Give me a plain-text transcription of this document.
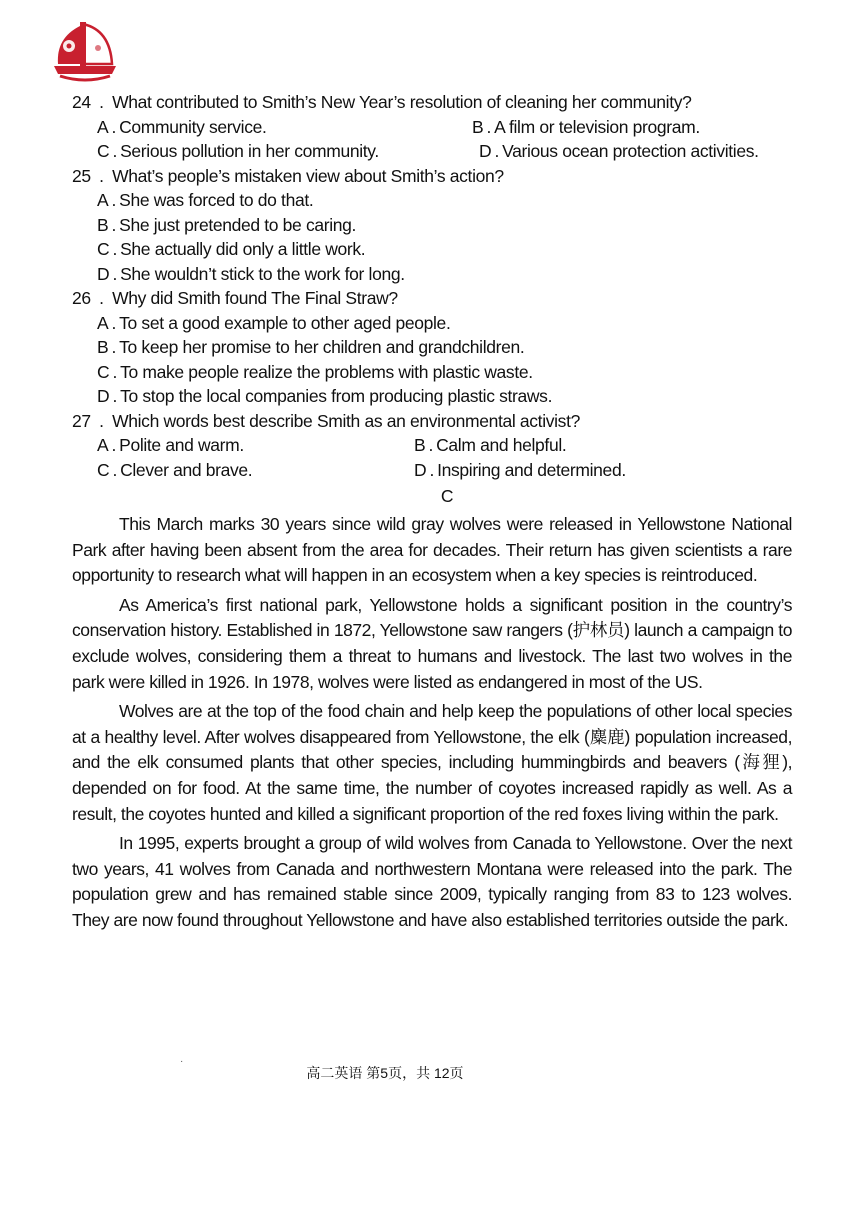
24 . What contributed to Smith’s New Year’s resolution of cleaning her community?
A . Community service.	B . A film or television program.
C . Serious pollution in her community.	D . Various ocean protection activities.
25 . What’s people’s mistaken view about Smith’s action?
A . She was forced to do that.
B . She just pretended to be caring.
C . She actually did only a little work.
D . She wouldn’t stick to the work for long.
26 . Why did Smith found The Final Straw?
A . To set a good example to other aged people.
B . To keep her promise to her children and grandchildren.
C . To make people realize the problems with plastic waste.
D . To stop the local companies from producing plastic straws.
27 . Which words best describe Smith as an environmental activist?
A . Polite and warm.	B . Calm and helpful.
C . Clever and brave.	D . Inspiring and determined.
C

This March marks 30 years since wild gray wolves were released in Yellowstone National Park after having been absent from the area for decades. Their return has given scientists a rare opportunity to research what will happen in an ecosystem when a key species is reintroduced.

As America’s first national park, Yellowstone holds a significant position in the country’s conservation history. Established in 1872, Yellowstone saw rangers (护林员) launch a campaign to exclude wolves, considering them a threat to humans and livestock. The last two wolves in the park were killed in 1926. In 1978, wolves were listed as endangered in most of the US.

Wolves are at the top of the food chain and help keep the populations of other local species at a healthy level. After wolves disappeared from Yellowstone, the elk (麋鹿) population increased, and the elk consumed plants that other species, including hummingbirds and beavers (海狸), depended on for food. At the same time, the number of coyotes increased rapidly as well. As a result, the coyotes hunted and killed a significant proportion of the red foxes living within the park.

In 1995, experts brought a group of wild wolves from Canada to Yellowstone. Over the next two years, 41 wolves from Canada and northwestern Montana were released into the park. The population grew and has remained stable since 2009, typically ranging from 83 to 123 wolves. They are now found throughout Yellowstone and have also established territories outside the park.

·
高二英语 第5页，共 12页
